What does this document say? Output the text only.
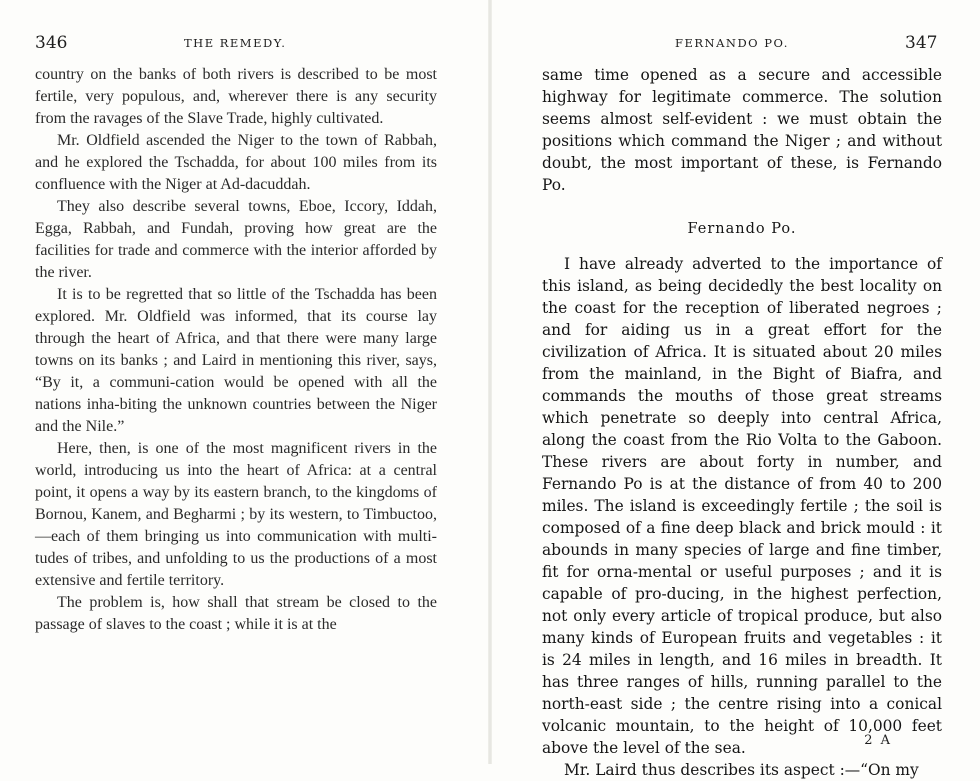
346	THE REMEDY.

country on the banks of both rivers is described to be most fertile, very populous, and, wherever there is any security from the ravages of the Slave Trade, highly cultivated.

Mr. Oldfield ascended the Niger to the town of Rabbah, and he explored the Tschadda, for about 100 miles from its confluence with the Niger at Ad-dacuddah.

They also describe several towns, Eboe, Iccory, Iddah, Egga, Rabbah, and Fundah, proving how great are the facilities for trade and commerce with the interior afforded by the river.

It is to be regretted that so little of the Tschadda has been explored. Mr. Oldfield was informed, that its course lay through the heart of Africa, and that there were many large towns on its banks ; and Laird in mentioning this river, says, “By it, a communi-cation would be opened with all the nations inha-biting the unknown countries between the Niger and the Nile.”

Here, then, is one of the most magnificent rivers in the world, introducing us into the heart of Africa: at a central point, it opens a way by its eastern branch, to the kingdoms of Bornou, Kanem, and Begharmi ; by its western, to Timbuctoo,—each of them bringing us into communication with multi-tudes of tribes, and unfolding to us the productions of a most extensive and fertile territory.

The problem is, how shall that stream be closed to the passage of slaves to the coast ; while it is at the

FERNANDO PO.	347

same time opened as a secure and accessible highway for legitimate commerce. The solution seems almost self-evident : we must obtain the positions which command the Niger ; and without doubt, the most important of these, is Fernando Po.

Fernando Po.

I have already adverted to the importance of this island, as being decidedly the best locality on the coast for the reception of liberated negroes ; and for aiding us in a great effort for the civilization of Africa. It is situated about 20 miles from the mainland, in the Bight of Biafra, and commands the mouths of those great streams which penetrate so deeply into central Africa, along the coast from the Rio Volta to the Gaboon. These rivers are about forty in number, and Fernando Po is at the distance of from 40 to 200 miles. The island is exceedingly fertile ; the soil is composed of a fine deep black and brick mould : it abounds in many species of large and fine timber, fit for orna-mental or useful purposes ; and it is capable of pro-ducing, in the highest perfection, not only every article of tropical produce, but also many kinds of European fruits and vegetables : it is 24 miles in length, and 16 miles in breadth. It has three ranges of hills, running parallel to the north-east side ; the centre rising into a conical volcanic mountain, to the height of 10,000 feet above the level of the sea.

Mr. Laird thus describes its aspect :—“On my

2 A
